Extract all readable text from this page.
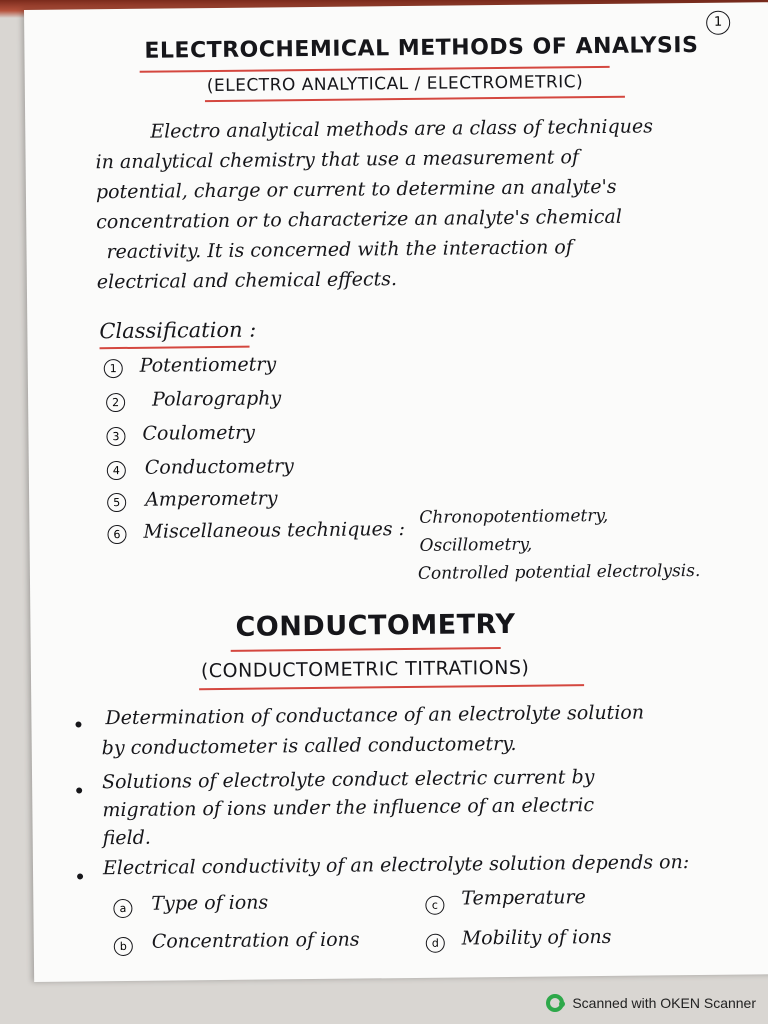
1
ELECTROCHEMICAL METHODS OF ANALYSIS
(ELECTRO ANALYTICAL / ELECTROMETRIC)
Electro analytical methods are a class of techniques
in analytical chemistry that use a measurement of
potential, charge or current to determine an analyte's
concentration or to characterize an analyte's chemical
reactivity. It is concerned with the interaction of
electrical and chemical effects.
Classification :
1	Potentiometry
2	Polarography
3	Coulometry
4	Conductometry
5	Amperometry
6	Miscellaneous techniques :
Chronopotentiometry,
Oscillometry,
Controlled potential electrolysis.
CONDUCTOMETRY
(CONDUCTOMETRIC TITRATIONS)
Determination of conductance of an electrolyte solution
by conductometer is called conductometry.
Solutions of electrolyte conduct electric current by
migration of ions under the influence of an electric
field.
Electrical conductivity of an electrolyte solution depends on:
a	Type of ions
b	Concentration of ions
c	Temperature
d	Mobility of ions
Scanned with OKEN Scanner
